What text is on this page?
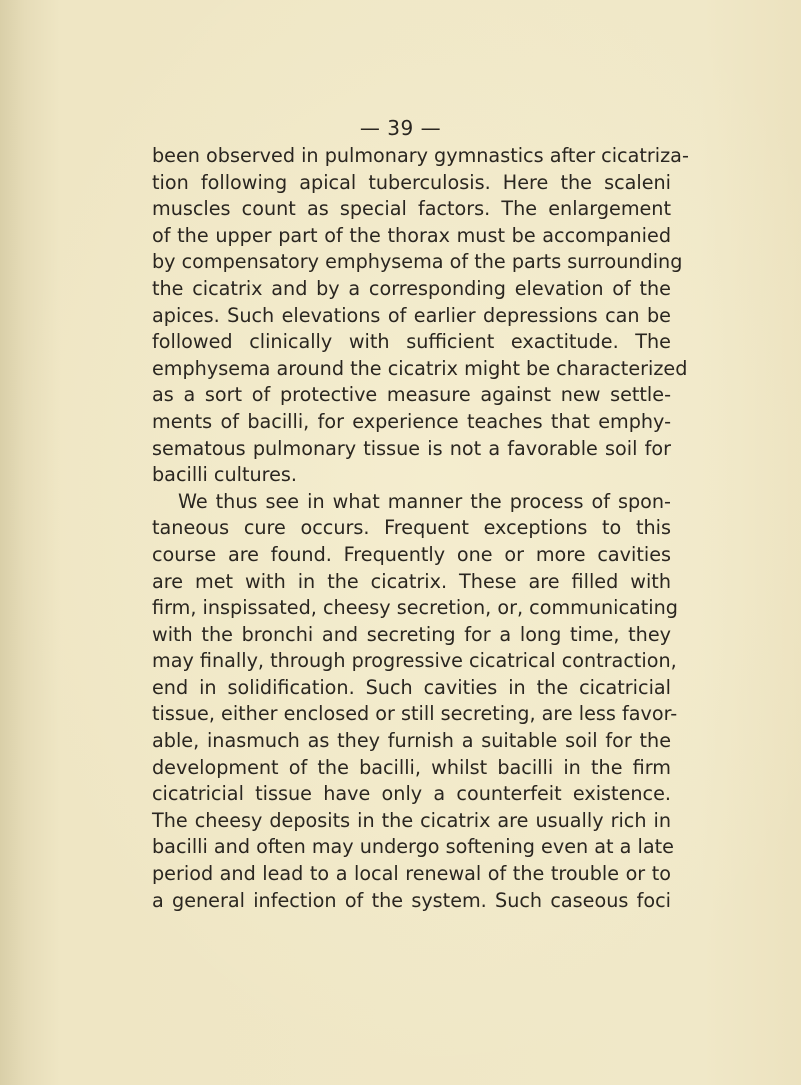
— 39 —
been observed in pulmonary gymnastics after cicatriza-
tion following apical tuberculosis. Here the scaleni
muscles count as special factors. The enlargement
of the upper part of the thorax must be accompanied
by compensatory emphysema of the parts surrounding
the cicatrix and by a corresponding elevation of the
apices. Such elevations of earlier depressions can be
followed clinically with sufficient exactitude. The
emphysema around the cicatrix might be characterized
as a sort of protective measure against new settle-
ments of bacilli, for experience teaches that emphy-
sematous pulmonary tissue is not a favorable soil for
bacilli cultures.
We thus see in what manner the process of spon-
taneous cure occurs. Frequent exceptions to this
course are found. Frequently one or more cavities
are met with in the cicatrix. These are filled with
firm, inspissated, cheesy secretion, or, communicating
with the bronchi and secreting for a long time, they
may finally, through progressive cicatrical contraction,
end in solidification. Such cavities in the cicatricial
tissue, either enclosed or still secreting, are less favor-
able, inasmuch as they furnish a suitable soil for the
development of the bacilli, whilst bacilli in the firm
cicatricial tissue have only a counterfeit existence.
The cheesy deposits in the cicatrix are usually rich in
bacilli and often may undergo softening even at a late
period and lead to a local renewal of the trouble or to
a general infection of the system. Such caseous foci
